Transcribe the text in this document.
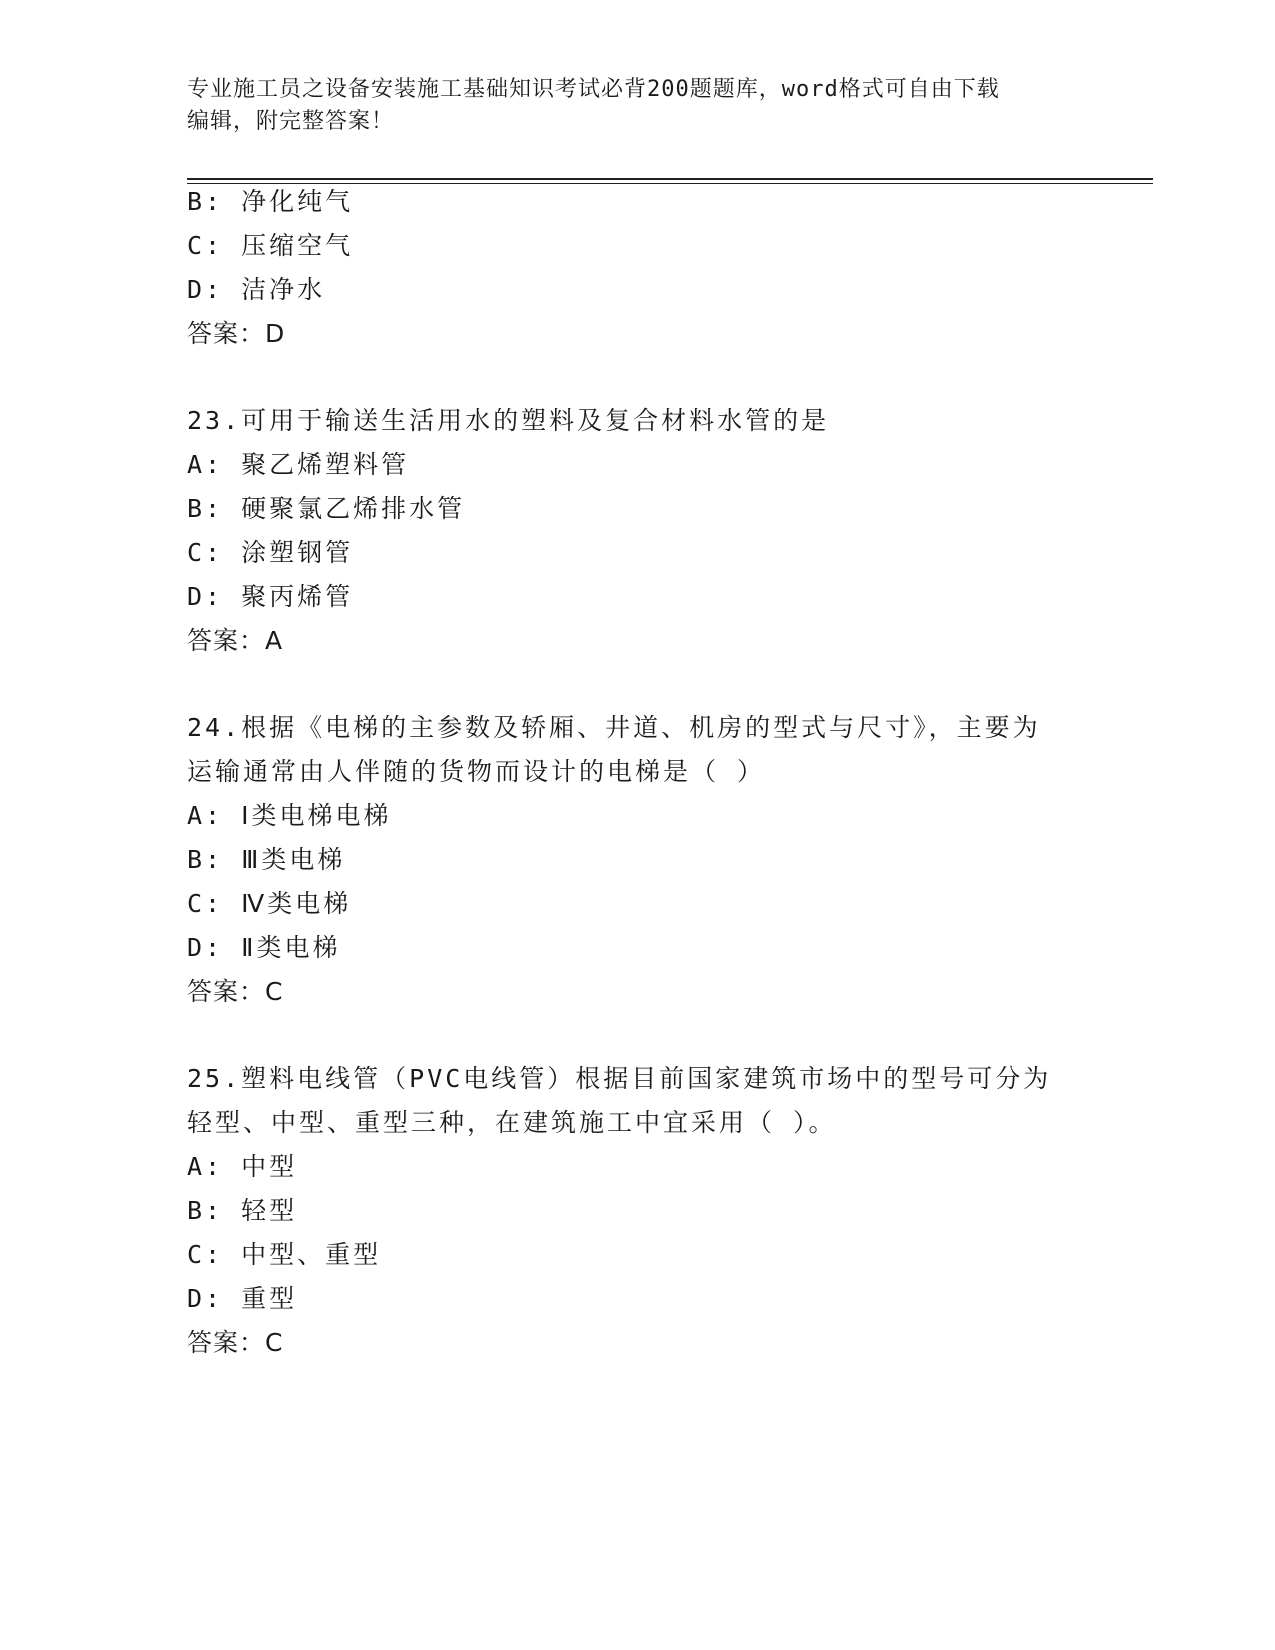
专业施工员之设备安装施工基础知识考试必背200题题库，word格式可自由下载
编辑，附完整答案！
B: 净化纯气
C: 压缩空气
D: 洁净水
答案：D
23.可用于输送生活用水的塑料及复合材料水管的是
A: 聚乙烯塑料管
B: 硬聚氯乙烯排水管
C: 涂塑钢管
D: 聚丙烯管
答案：A
24.根据《电梯的主参数及轿厢、井道、机房的型式与尺寸》，主要为
运输通常由人伴随的货物而设计的电梯是（ ）
A: Ⅰ类电梯电梯
B: Ⅲ类电梯
C: Ⅳ类电梯
D: Ⅱ类电梯
答案：C
25.塑料电线管（PVC电线管）根据目前国家建筑市场中的型号可分为
轻型、中型、重型三种，在建筑施工中宜采用（ ）。
A: 中型
B: 轻型
C: 中型、重型
D: 重型
答案：C
